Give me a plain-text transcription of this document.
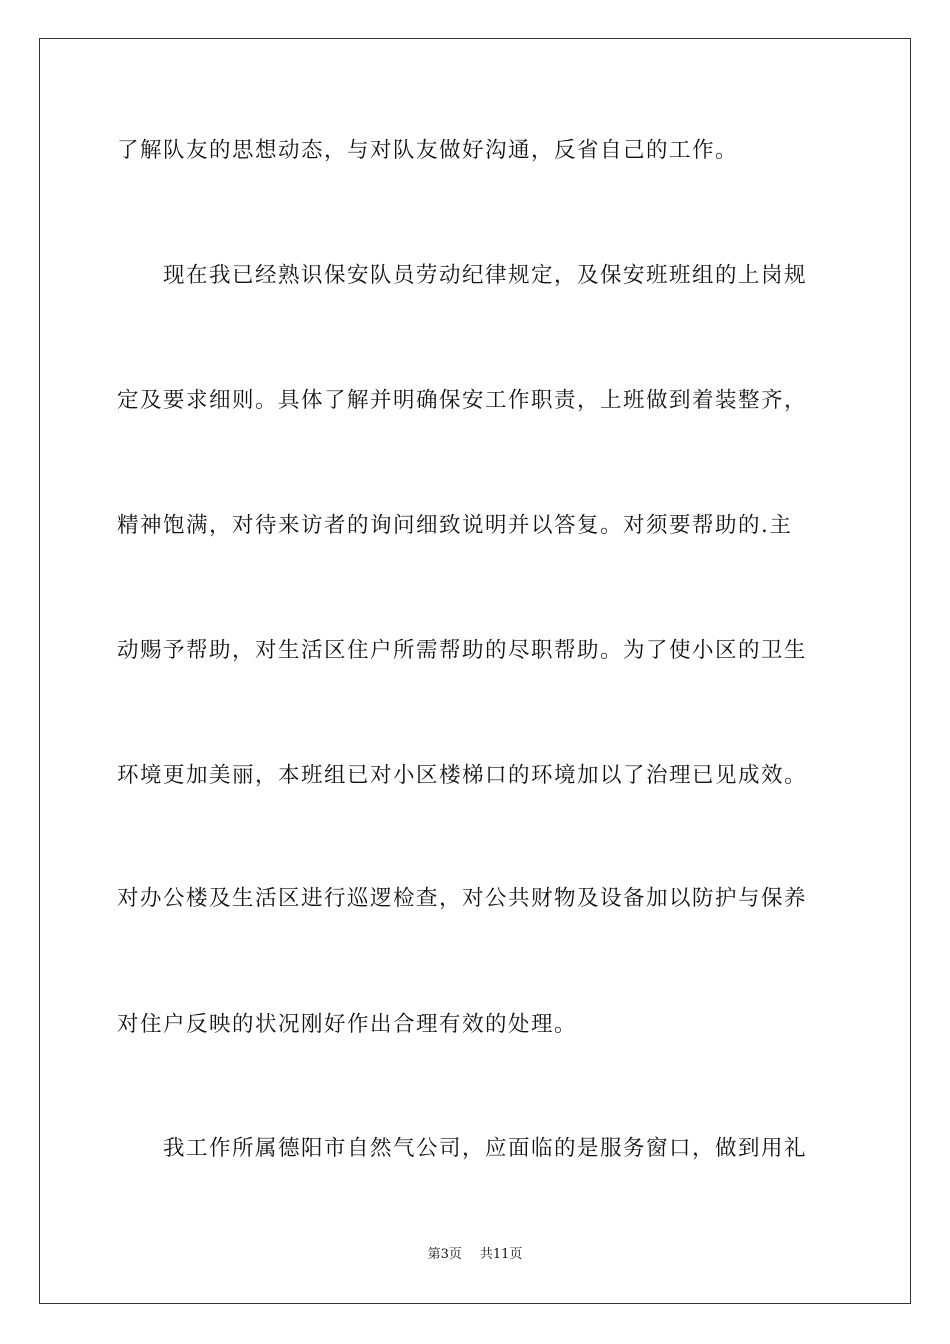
了解队友的思想动态，与对队友做好沟通，反省自己的工作。
现在我已经熟识保安队员劳动纪律规定，及保安班班组的上岗规
定及要求细则。具体了解并明确保安工作职责，上班做到着装整齐，
精神饱满，对待来访者的询问细致说明并以答复。对须要帮助的.主
动赐予帮助，对生活区住户所需帮助的尽职帮助。为了使小区的卫生
环境更加美丽，本班组已对小区楼梯口的环境加以了治理已见成效。
对办公楼及生活区进行巡逻检查，对公共财物及设备加以防护与保养
对住户反映的状况刚好作出合理有效的处理。
我工作所属德阳市自然气公司，应面临的是服务窗口，做到用礼
第3页 共11页
